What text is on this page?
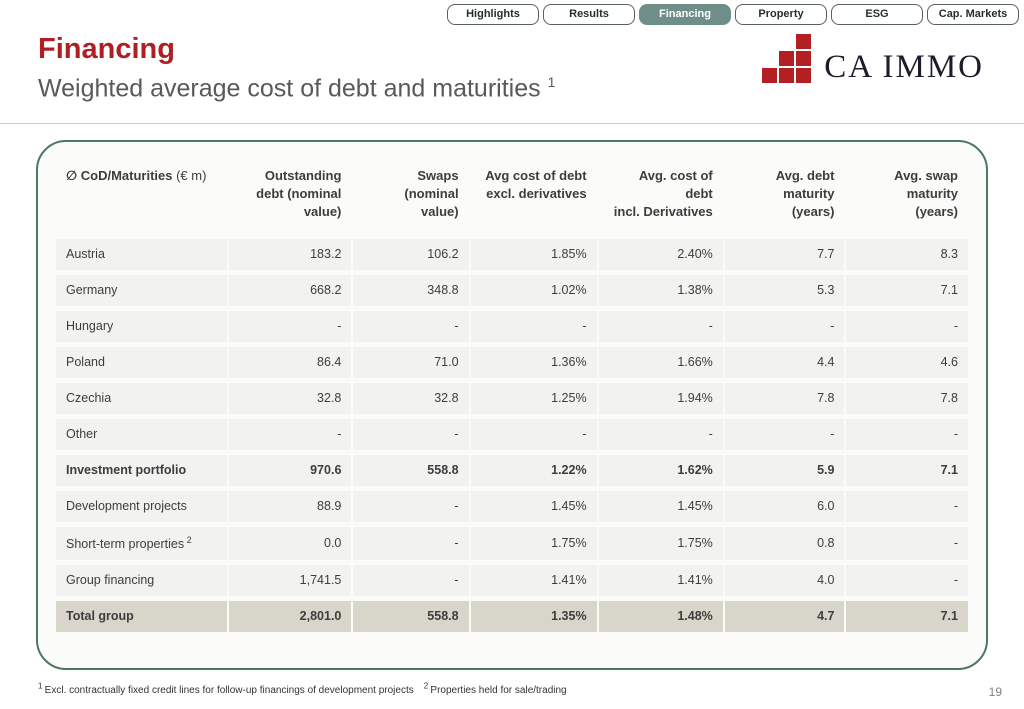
Highlights	Results	Financing	Property	ESG	Cap. Markets
Financing
Weighted average cost of debt and maturities $^1$	CA IMMO
∅ CoD/Maturities (€ m)	Outstanding
debt (nominal
value)	Swaps
(nominal
value)	Avg cost of debt
excl. derivatives	Avg. cost of
debt
incl. Derivatives	Avg. debt
maturity
(years)	Avg. swap
maturity
(years)
Austria	183.2	106.2	1.85%	2.40%	7.7	8.3
Germany	668.2	348.8	1.02%	1.38%	5.3	7.1
Hungary	-	-	-	-	-	-
Poland	86.4	71.0	1.36%	1.66%	4.4	4.6
Czechia	32.8	32.8	1.25%	1.94%	7.8	7.8
Other	-	-	-	-	-	-
Investment portfolio	970.6	558.8	1.22%	1.62%	5.9	7.1
Development projects	88.9	-	1.45%	1.45%	6.0	-
Short-term properties $^2$	0.0	-	1.75%	1.75%	0.8	-
Group financing	1,741.5	-	1.41%	1.41%	4.0	-
Total group	2,801.0	558.8	1.35%	1.48%	4.7	7.1
$^1$ Excl. contractually fixed credit lines for follow-up financings of development projects $^2$ Properties held for sale/trading	19
